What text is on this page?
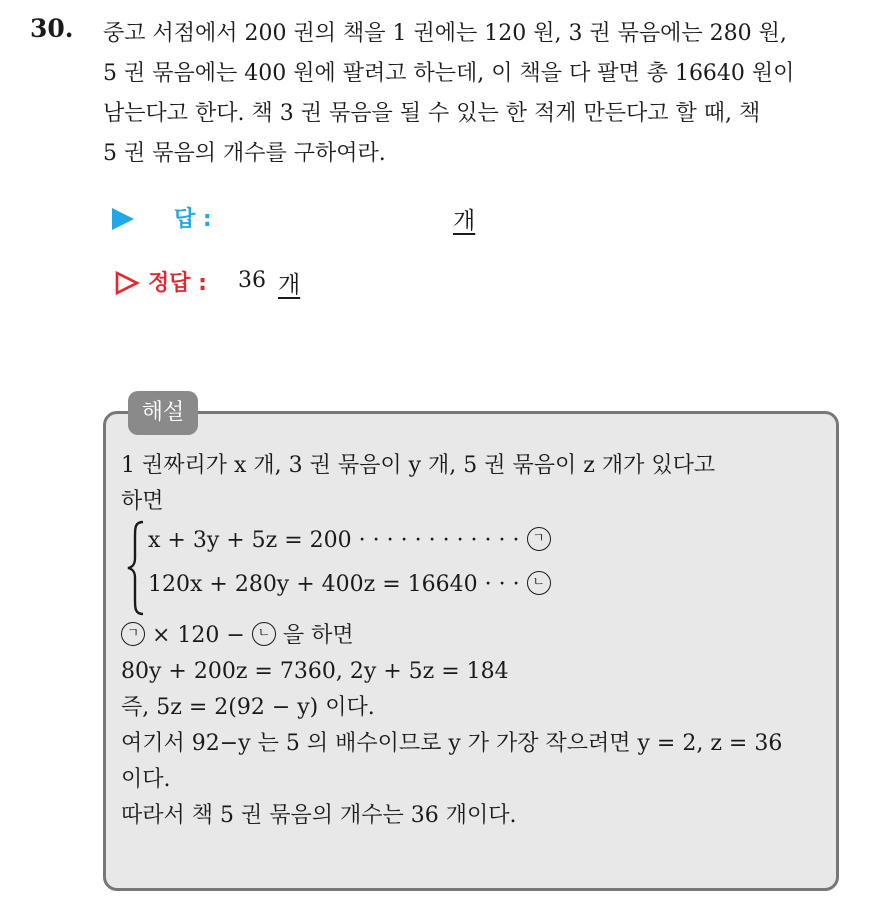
30. 중고 서점에서 200 권의 책을 1 권에는 120 원, 3 권 묶음에는 280 원,
5 권 묶음에는 400 원에 팔려고 하는데, 이 책을 다 팔면 총 16640 원이
남는다고 한다. 책 3 권 묶음을 될 수 있는 한 적게 만든다고 할 때, 책
5 권 묶음의 개수를 구하여라.
답 :	개
정답 : 36 개
해설
1 권짜리가 x 개, 3 권 묶음이 y 개, 5 권 묶음이 z 개가 있다고
하면
x + 3y + 5z = 200 · · · · · · · · · · · · ㄱ
120x + 280y + 400z = 16640 · · · ㄴ
ㄱ × 120 − ㄴ 을 하면
80y + 200z = 7360, 2y + 5z = 184
즉, 5z = 2(92 − y) 이다.
여기서 92−y 는 5 의 배수이므로 y 가 가장 작으려면 y = 2, z = 36
이다.
따라서 책 5 권 묶음의 개수는 36 개이다.
